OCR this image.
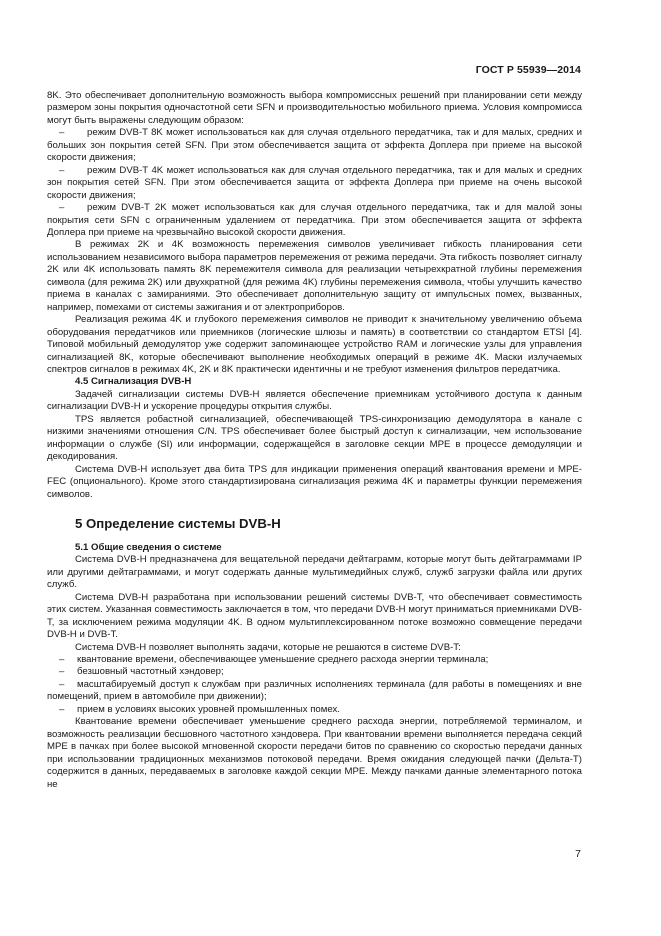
ГОСТ Р 55939—2014

8K. Это обеспечивает дополнительную возможность выбора компромиссных решений при планировании сети между размером зоны покрытия одночастотной сети SFN и производительностью мобильного приема. Условия компромисса могут быть выражены следующим образом:

– режим DVB-T 8K может использоваться как для случая отдельного передатчика, так и для малых, средних и больших зон покрытия сетей SFN. При этом обеспечивается защита от эффекта Доплера при приеме на высокой скорости движения;

– режим DVB-T 4K может использоваться как для случая отдельного передатчика, так и для малых и средних зон покрытия сетей SFN. При этом обеспечивается защита от эффекта Доплера при приеме на очень высокой скорости движения;

– режим DVB-T 2K может использоваться как для случая отдельного передатчика, так и для малой зоны покрытия сети SFN с ограниченным удалением от передатчика. При этом обеспечивается защита от эффекта Доплера при приеме на чрезвычайно высокой скорости движения.

В режимах 2K и 4K возможность перемежения символов увеличивает гибкость планирования сети использованием независимого выбора параметров перемежения от режима передачи. Эта гибкость позволяет сигналу 2K или 4K использовать память 8K перемежителя символа для реализации четырехкратной глубины перемежения символа (для режима 2K) или двухкратной (для режима 4K) глубины перемежения символа, чтобы улучшить качество приема в каналах с замираниями. Это обеспечивает дополнительную защиту от импульсных помех, вызванных, например, помехами от системы зажигания и от электроприборов.

Реализация режима 4K и глубокого перемежения символов не приводит к значительному увеличению объема оборудования передатчиков или приемников (логические шлюзы и память) в соответствии со стандартом ETSI [4]. Типовой мобильный демодулятор уже содержит запоминающее устройство RAM и логические узлы для управления сигнализацией 8K, которые обеспечивают выполнение необходимых операций в режиме 4K. Маски излучаемых спектров сигналов в режимах 4K, 2K и 8K практически идентичны и не требуют изменения фильтров передатчика.

4.5 Сигнализация DVB-H

Задачей сигнализации системы DVB-H является обеспечение приемникам устойчивого доступа к данным сигнализации DVB-H и ускорение процедуры открытия службы.

TPS является робастной сигнализацией, обеспечивающей TPS-синхронизацию демодулятора в канале с низкими значениями отношения C/N. TPS обеспечивает более быстрый доступ к сигнализации, чем использование информации о службе (SI) или информации, содержащейся в заголовке секции MPE в процессе демодуляции и декодирования.

Система DVB-H использует два бита TPS для индикации применения операций квантования времени и MPE-FEC (опционального). Кроме этого стандартизирована сигнализация режима 4K и параметры функции перемежения символов.

5 Определение системы DVB-H

5.1 Общие сведения о системе

Система DVB-H предназначена для вещательной передачи дейтаграмм, которые могут быть дейтаграммами IP или другими дейтаграммами, и могут содержать данные мультимедийных служб, служб загрузки файла или других служб.

Система DVB-H разработана при использовании решений системы DVB-T, что обеспечивает совместимость этих систем. Указанная совместимость заключается в том, что передачи DVB-H могут приниматься приемниками DVB-T, за исключением режима модуляции 4K. В одном мультиплексированном потоке возможно совмещение передачи DVB-H и DVB-T.

Система DVB-H позволяет выполнять задачи, которые не решаются в системе DVB-T:

– квантование времени, обеспечивающее уменьшение среднего расхода энергии терминала;

– безшовный частотный хэндовер;

– масштабируемый доступ к службам при различных исполнениях терминала (для работы в помещениях и вне помещений, прием в автомобиле при движении);

– прием в условиях высоких уровней промышленных помех.

Квантование времени обеспечивает уменьшение среднего расхода энергии, потребляемой терминалом, и возможность реализации бесшовного частотного хэндовера. При квантовании времени выполняется передача секций MPE в пачках при более высокой мгновенной скорости передачи битов по сравнению со скоростью передачи данных при использовании традиционных механизмов потоковой передачи. Время ожидания следующей пачки (Дельта-Т) содержится в данных, передаваемых в заголовке каждой секции MPE. Между пачками данные элементарного потока не

7
